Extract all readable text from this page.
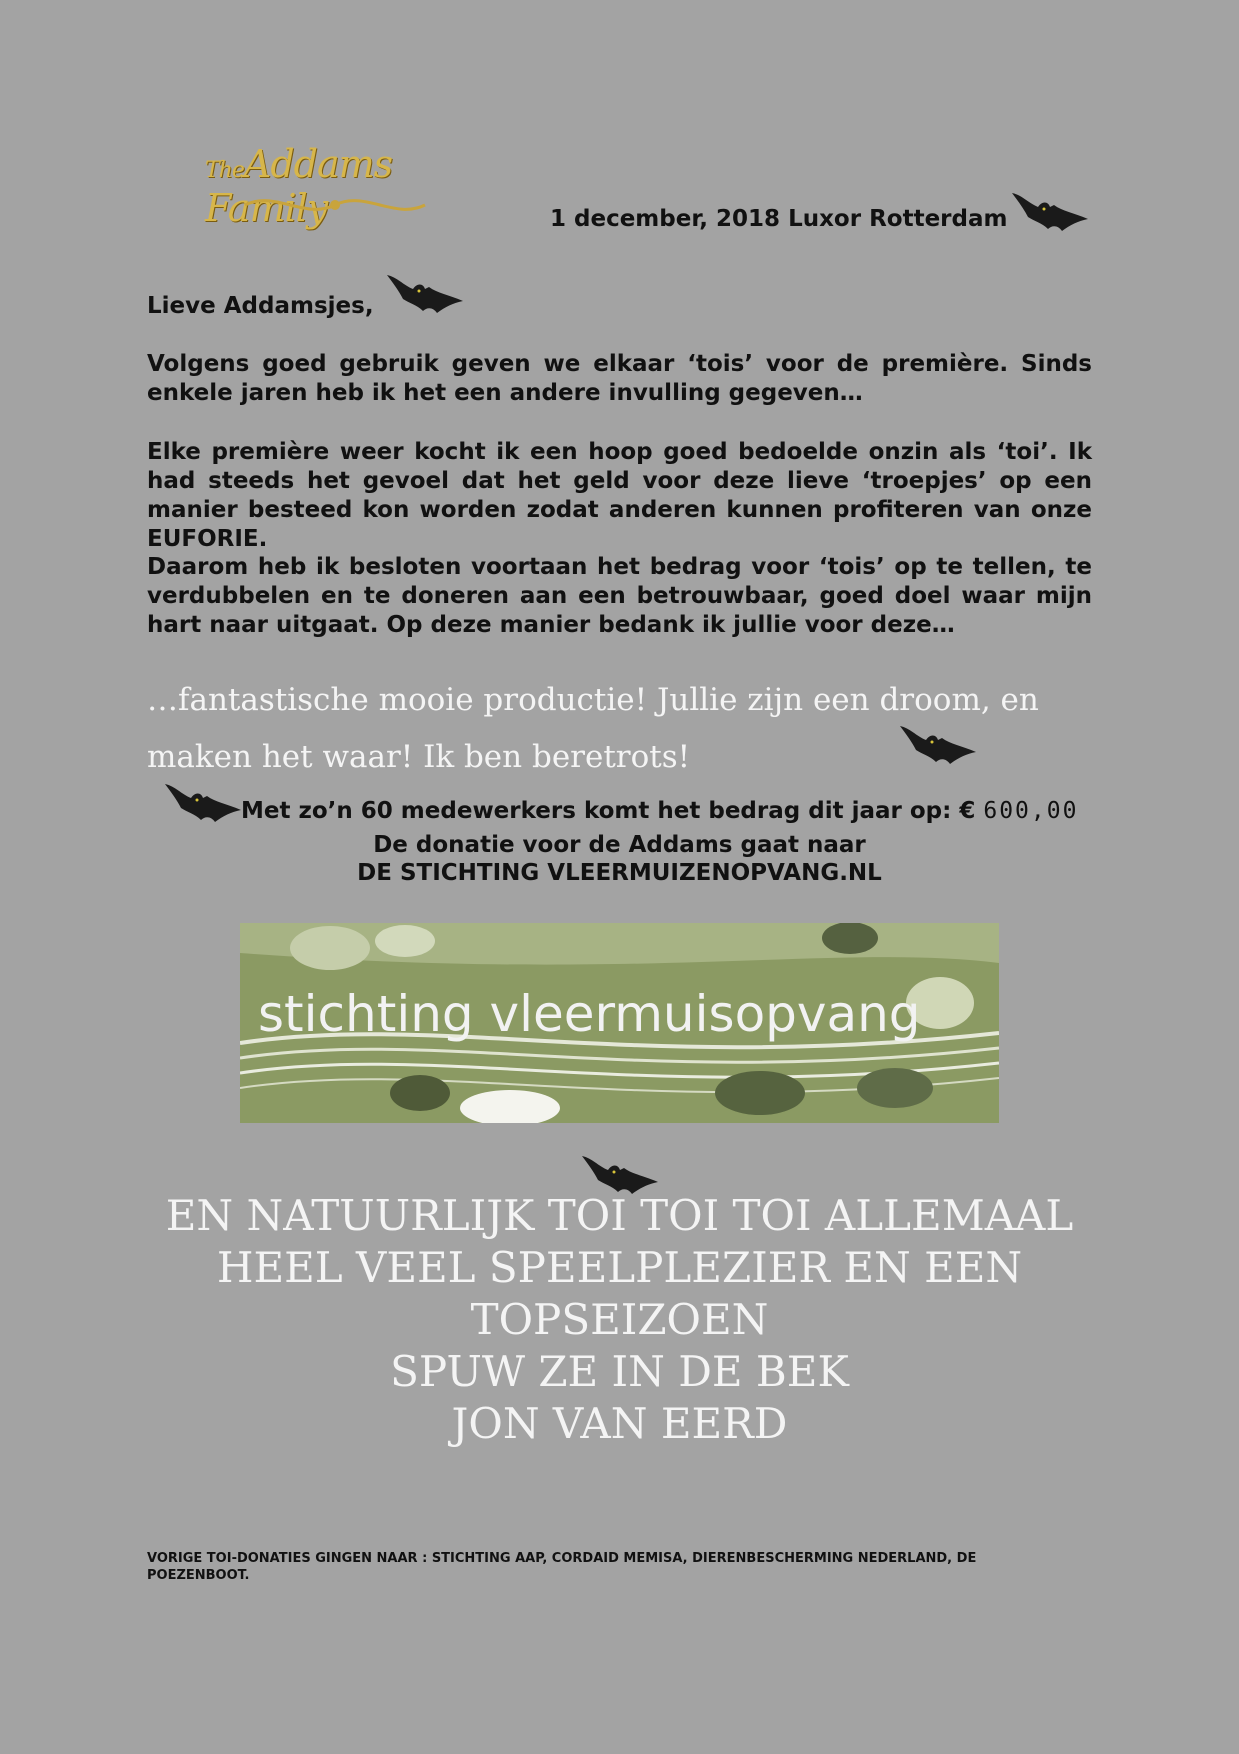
TheAddams Family	1 december, 2018 Luxor Rotterdam
Lieve Addamsjes,
Volgens goed gebruik geven we elkaar ‘tois’ voor de première. Sinds enkele jaren heb ik het een andere invulling gegeven…
Elke première weer kocht ik een hoop goed bedoelde onzin als ‘toi’. Ik had steeds het gevoel dat het geld voor deze lieve ‘troepjes’ op een manier besteed kon worden zodat anderen kunnen profiteren van onze EUFORIE.
Daarom heb ik besloten voortaan het bedrag voor ‘tois’ op te tellen, te verdubbelen en te doneren aan een betrouwbaar, goed doel waar mijn hart naar uitgaat. Op deze manier bedank ik jullie voor deze…
…fantastische mooie productie! Jullie zijn een droom, en
maken het waar! Ik ben beretrots!
Met zo’n 60 medewerkers komt het bedrag dit jaar op: € 600,00
De donatie voor de Addams gaat naar
DE STICHTING VLEERMUIZENOPVANG.NL
stichting vleermuisopvang
EN NATUURLIJK TOI TOI TOI ALLEMAAL
HEEL VEEL SPEELPLEZIER EN EEN
TOPSEIZOEN
SPUW ZE IN DE BEK
JON VAN EERD
VORIGE TOI-DONATIES GINGEN NAAR : STICHTING AAP, CORDAID MEMISA, DIERENBESCHERMING NEDERLAND, DE POEZENBOOT.
